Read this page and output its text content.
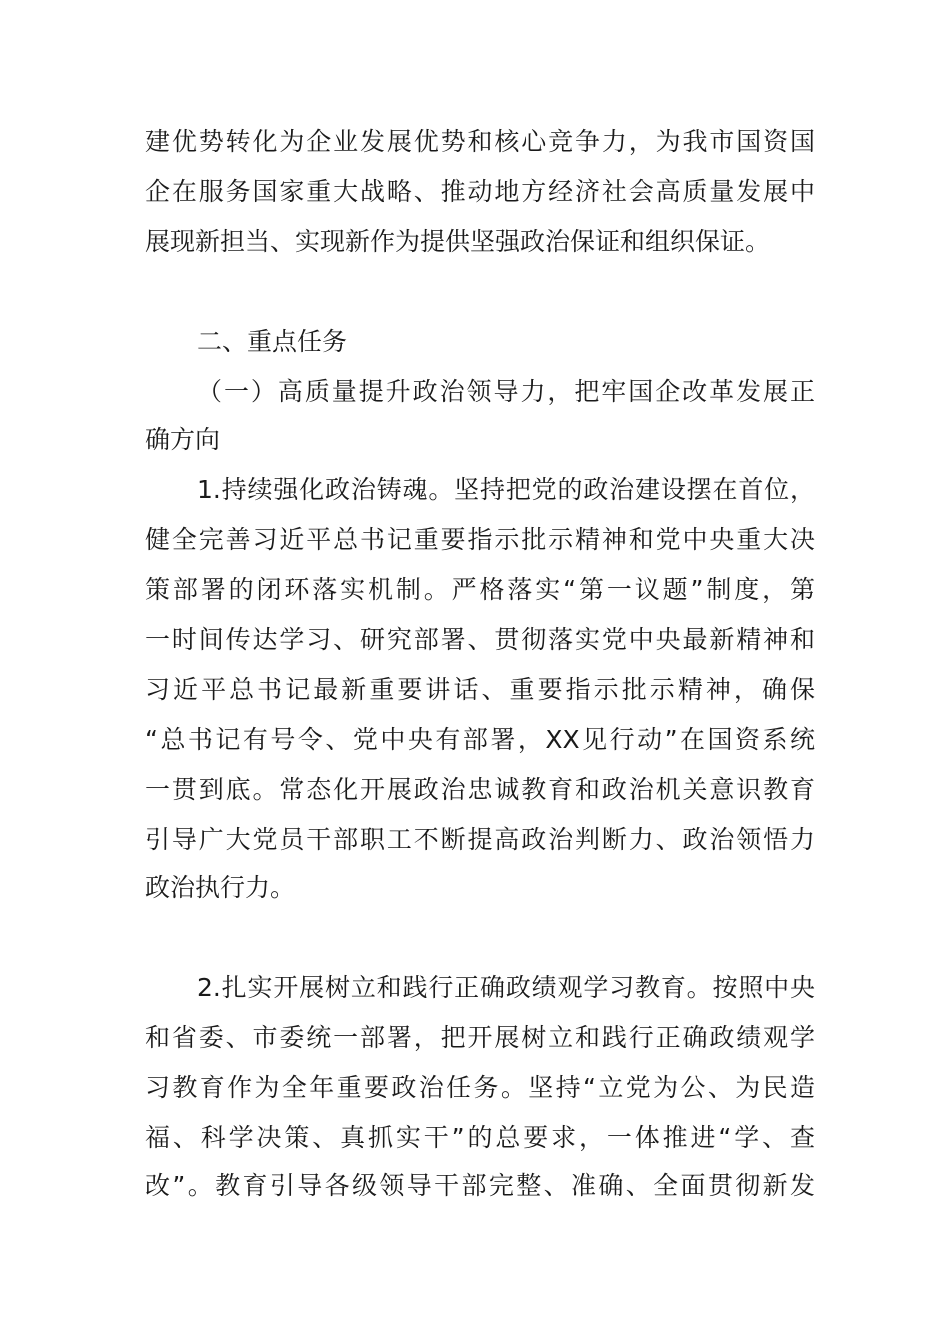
建优势转化为企业发展优势和核心竞争力，为我市国资国
企在服务国家重大战略、推动地方经济社会高质量发展中
展现新担当、实现新作为提供坚强政治保证和组织保证。
二、重点任务
（一）高质量提升政治领导力，把牢国企改革发展正
确方向
1.持续强化政治铸魂。坚持把党的政治建设摆在首位，
健全完善习近平总书记重要指示批示精神和党中央重大决
策部署的闭环落实机制。严格落实“第一议题”制度，第
一时间传达学习、研究部署、贯彻落实党中央最新精神和
习近平总书记最新重要讲话、重要指示批示精神，确保
“总书记有号令、党中央有部署，XX见行动”在国资系统
一贯到底。常态化开展政治忠诚教育和政治机关意识教育
引导广大党员干部职工不断提高政治判断力、政治领悟力
政治执行力。
2.扎实开展树立和践行正确政绩观学习教育。按照中央
和省委、市委统一部署，把开展树立和践行正确政绩观学
习教育作为全年重要政治任务。坚持“立党为公、为民造
福、科学决策、真抓实干”的总要求，一体推进“学、查
改”。教育引导各级领导干部完整、准确、全面贯彻新发
